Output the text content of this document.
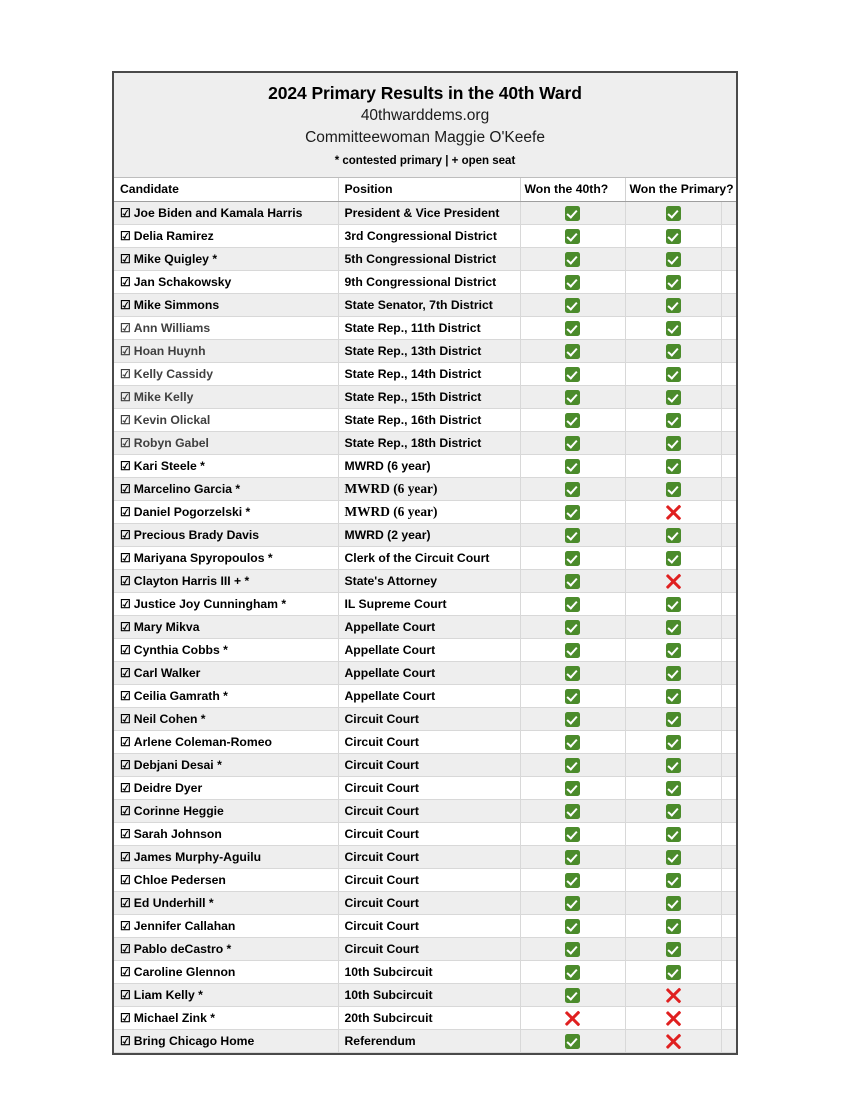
2024 Primary Results in the 40th Ward
40thwarddems.org
Committeewoman Maggie O'Keefe
* contested primary | + open seat
Candidate	Position	Won the 40th?	Won the Primary?	
☑ Joe Biden and Kamala Harris	President & Vice President			
☑ Delia Ramirez	3rd Congressional District			
☑ Mike Quigley *	5th Congressional District			
☑ Jan Schakowsky	9th Congressional District			
☑ Mike Simmons	State Senator, 7th District			
☑ Ann Williams	State Rep., 11th District			
☑ Hoan Huynh	State Rep., 13th District			
☑ Kelly Cassidy	State Rep., 14th District			
☑ Mike Kelly	State Rep., 15th District			
☑ Kevin Olickal	State Rep., 16th District			
☑ Robyn Gabel	State Rep., 18th District			
☑ Kari Steele *	MWRD (6 year)			
☑ Marcelino Garcia *	MWRD (6 year)			
☑ Daniel Pogorzelski *	MWRD (6 year)			
☑ Precious Brady Davis	MWRD (2 year)			
☑ Mariyana Spyropoulos *	Clerk of the Circuit Court			
☑ Clayton Harris III + *	State's Attorney			
☑ Justice Joy Cunningham *	IL Supreme Court			
☑ Mary Mikva	Appellate Court			
☑ Cynthia Cobbs *	Appellate Court			
☑ Carl Walker	Appellate Court			
☑ Ceilia Gamrath *	Appellate Court			
☑ Neil Cohen *	Circuit Court			
☑ Arlene Coleman-Romeo	Circuit Court			
☑ Debjani Desai *	Circuit Court			
☑ Deidre Dyer	Circuit Court			
☑ Corinne Heggie	Circuit Court			
☑ Sarah Johnson	Circuit Court			
☑ James Murphy-Aguilu	Circuit Court			
☑ Chloe Pedersen	Circuit Court			
☑ Ed Underhill *	Circuit Court			
☑ Jennifer Callahan	Circuit Court			
☑ Pablo deCastro *	Circuit Court			
☑ Caroline Glennon	10th Subcircuit			
☑ Liam Kelly *	10th Subcircuit			
☑ Michael Zink *	20th Subcircuit			
☑ Bring Chicago Home	Referendum			
